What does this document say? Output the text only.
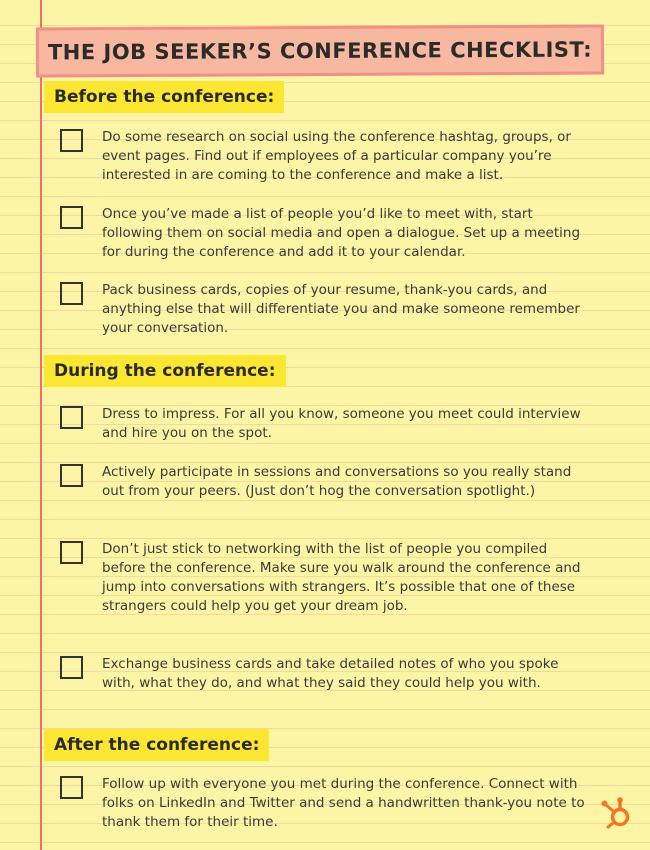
THE JOB SEEKER’S CONFERENCE CHECKLIST:
Before the conference:
Do some research on social using the conference hashtag, groups, or event pages. Find out if employees of a particular company you’re interested in are coming to the conference and make a list.
Once you’ve made a list of people you’d like to meet with, start following them on social media and open a dialogue. Set up a meeting for during the conference and add it to your calendar.
Pack business cards, copies of your resume, thank-you cards, and anything else that will differentiate you and make someone remember your conversation.
During the conference:
Dress to impress. For all you know, someone you meet could interview and hire you on the spot.
Actively participate in sessions and conversations so you really stand out from your peers. (Just don’t hog the conversation spotlight.)
Don’t just stick to networking with the list of people you compiled before the conference. Make sure you walk around the conference and jump into conversations with strangers. It’s possible that one of these strangers could help you get your dream job.
Exchange business cards and take detailed notes of who you spoke with, what they do, and what they said they could help you with.
After the conference:
Follow up with everyone you met during the conference. Connect with folks on LinkedIn and Twitter and send a handwritten thank-you note to thank them for their time.
